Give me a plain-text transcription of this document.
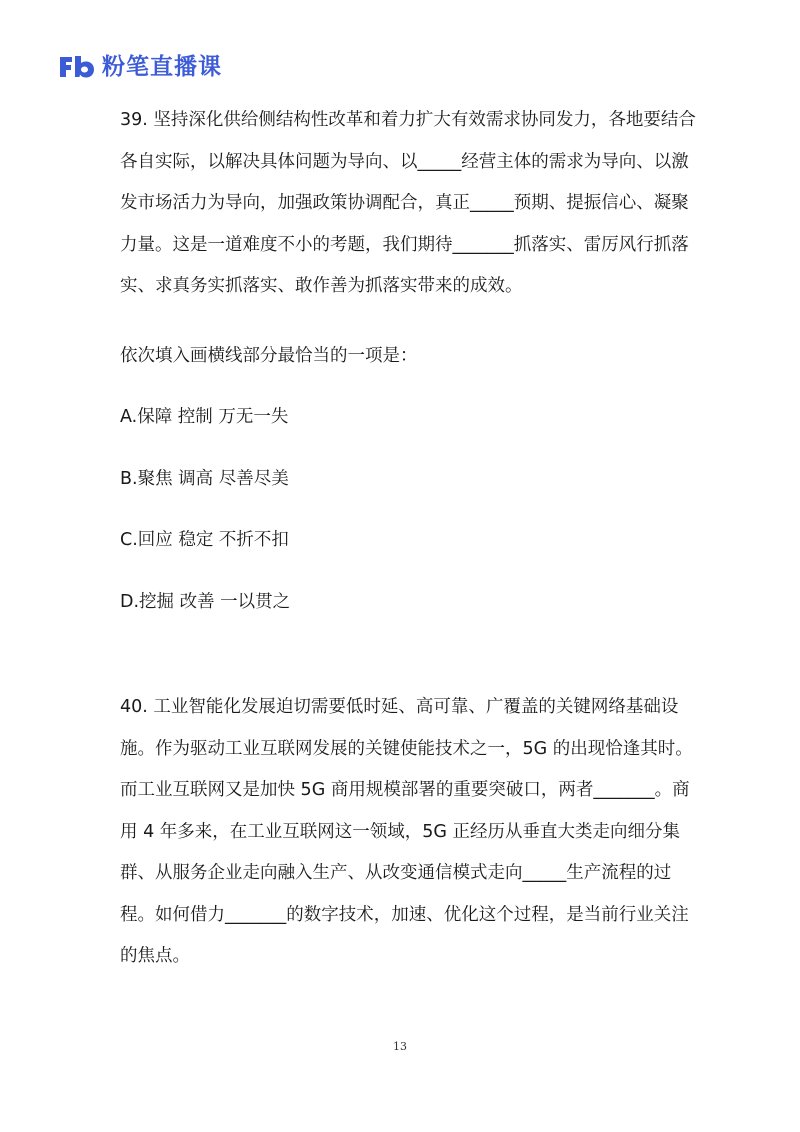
粉笔直播课

39. 坚持深化供给侧结构性改革和着力扩大有效需求协同发力，各地要结合各自实际，以解决具体问题为导向、以_____经营主体的需求为导向、以激发市场活力为导向，加强政策协调配合，真正_____预期、提振信心、凝聚力量。这是一道难度不小的考题，我们期待_______抓落实、雷厉风行抓落实、求真务实抓落实、敢作善为抓落实带来的成效。

依次填入画横线部分最恰当的一项是：

A.保障 控制 万无一失

B.聚焦 调高 尽善尽美

C.回应 稳定 不折不扣

D.挖掘 改善 一以贯之

40. 工业智能化发展迫切需要低时延、高可靠、广覆盖的关键网络基础设施。作为驱动工业互联网发展的关键使能技术之一，5G 的出现恰逢其时。而工业互联网又是加快 5G 商用规模部署的重要突破口，两者_______。商用 4 年多来，在工业互联网这一领域，5G 正经历从垂直大类走向细分集群、从服务企业走向融入生产、从改变通信模式走向_____生产流程的过程。如何借力_______的数字技术，加速、优化这个过程，是当前行业关注的焦点。

13
